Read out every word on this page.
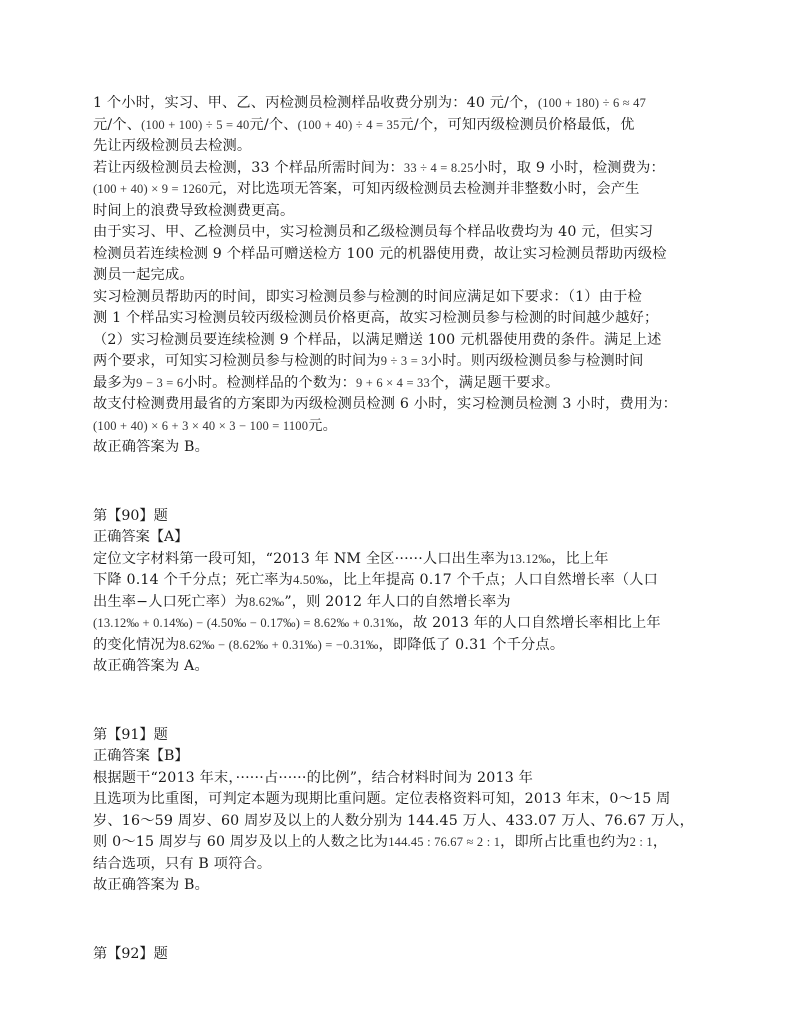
1 个小时，实习、甲、乙、丙检测员检测样品收费分别为：40 元/个，(100 + 180) ÷ 6 ≈ 47
元/个、(100 + 100) ÷ 5 = 40元/个、(100 + 40) ÷ 4 = 35元/个，可知丙级检测员价格最低，优
先让丙级检测员去检测。
若让丙级检测员去检测，33 个样品所需时间为：33 ÷ 4 = 8.25小时，取 9 小时，检测费为：
(100 + 40) × 9 = 1260元，对比选项无答案，可知丙级检测员去检测并非整数小时，会产生
时间上的浪费导致检测费更高。
由于实习、甲、乙检测员中，实习检测员和乙级检测员每个样品收费均为 40 元，但实习
检测员若连续检测 9 个样品可赠送检方 100 元的机器使用费，故让实习检测员帮助丙级检
测员一起完成。
实习检测员帮助丙的时间，即实习检测员参与检测的时间应满足如下要求：（1）由于检
测 1 个样品实习检测员较丙级检测员价格更高，故实习检测员参与检测的时间越少越好；
（2）实习检测员要连续检测 9 个样品，以满足赠送 100 元机器使用费的条件。满足上述
两个要求，可知实习检测员参与检测的时间为9 ÷ 3 = 3小时。则丙级检测员参与检测时间
最多为9 − 3 = 6小时。检测样品的个数为：9 + 6 × 4 = 33个，满足题干要求。
故支付检测费用最省的方案即为丙级检测员检测 6 小时，实习检测员检测 3 小时，费用为：
(100 + 40) × 6 + 3 × 40 × 3 − 100 = 1100元。
故正确答案为 B。
第【90】题
正确答案【A】
定位文字材料第一段可知，“2013 年 NM 全区······人口出生率为13.12‰，比上年
下降 0.14 个千分点；死亡率为4.50‰，比上年提高 0.17 个千点；人口自然增长率（人口
出生率−人口死亡率）为8.62‰”，则 2012 年人口的自然增长率为
(13.12‰ + 0.14‰) − (4.50‰ − 0.17‰) = 8.62‰ + 0.31‰，故 2013 年的人口自然增长率相比上年
的变化情况为8.62‰ − (8.62‰ + 0.31‰) = −0.31‰，即降低了 0.31 个千分点。
故正确答案为 A。
第【91】题
正确答案【B】
根据题干“2013 年末，······占······的比例”，结合材料时间为 2013 年
且选项为比重图，可判定本题为现期比重问题。定位表格资料可知，2013 年末，0～15 周
岁、16～59 周岁、60 周岁及以上的人数分别为 144.45 万人、433.07 万人、76.67 万人，
则 0～15 周岁与 60 周岁及以上的人数之比为144.45 : 76.67 ≈ 2 : 1，即所占比重也约为2 : 1，
结合选项，只有 B 项符合。
故正确答案为 B。
第【92】题
